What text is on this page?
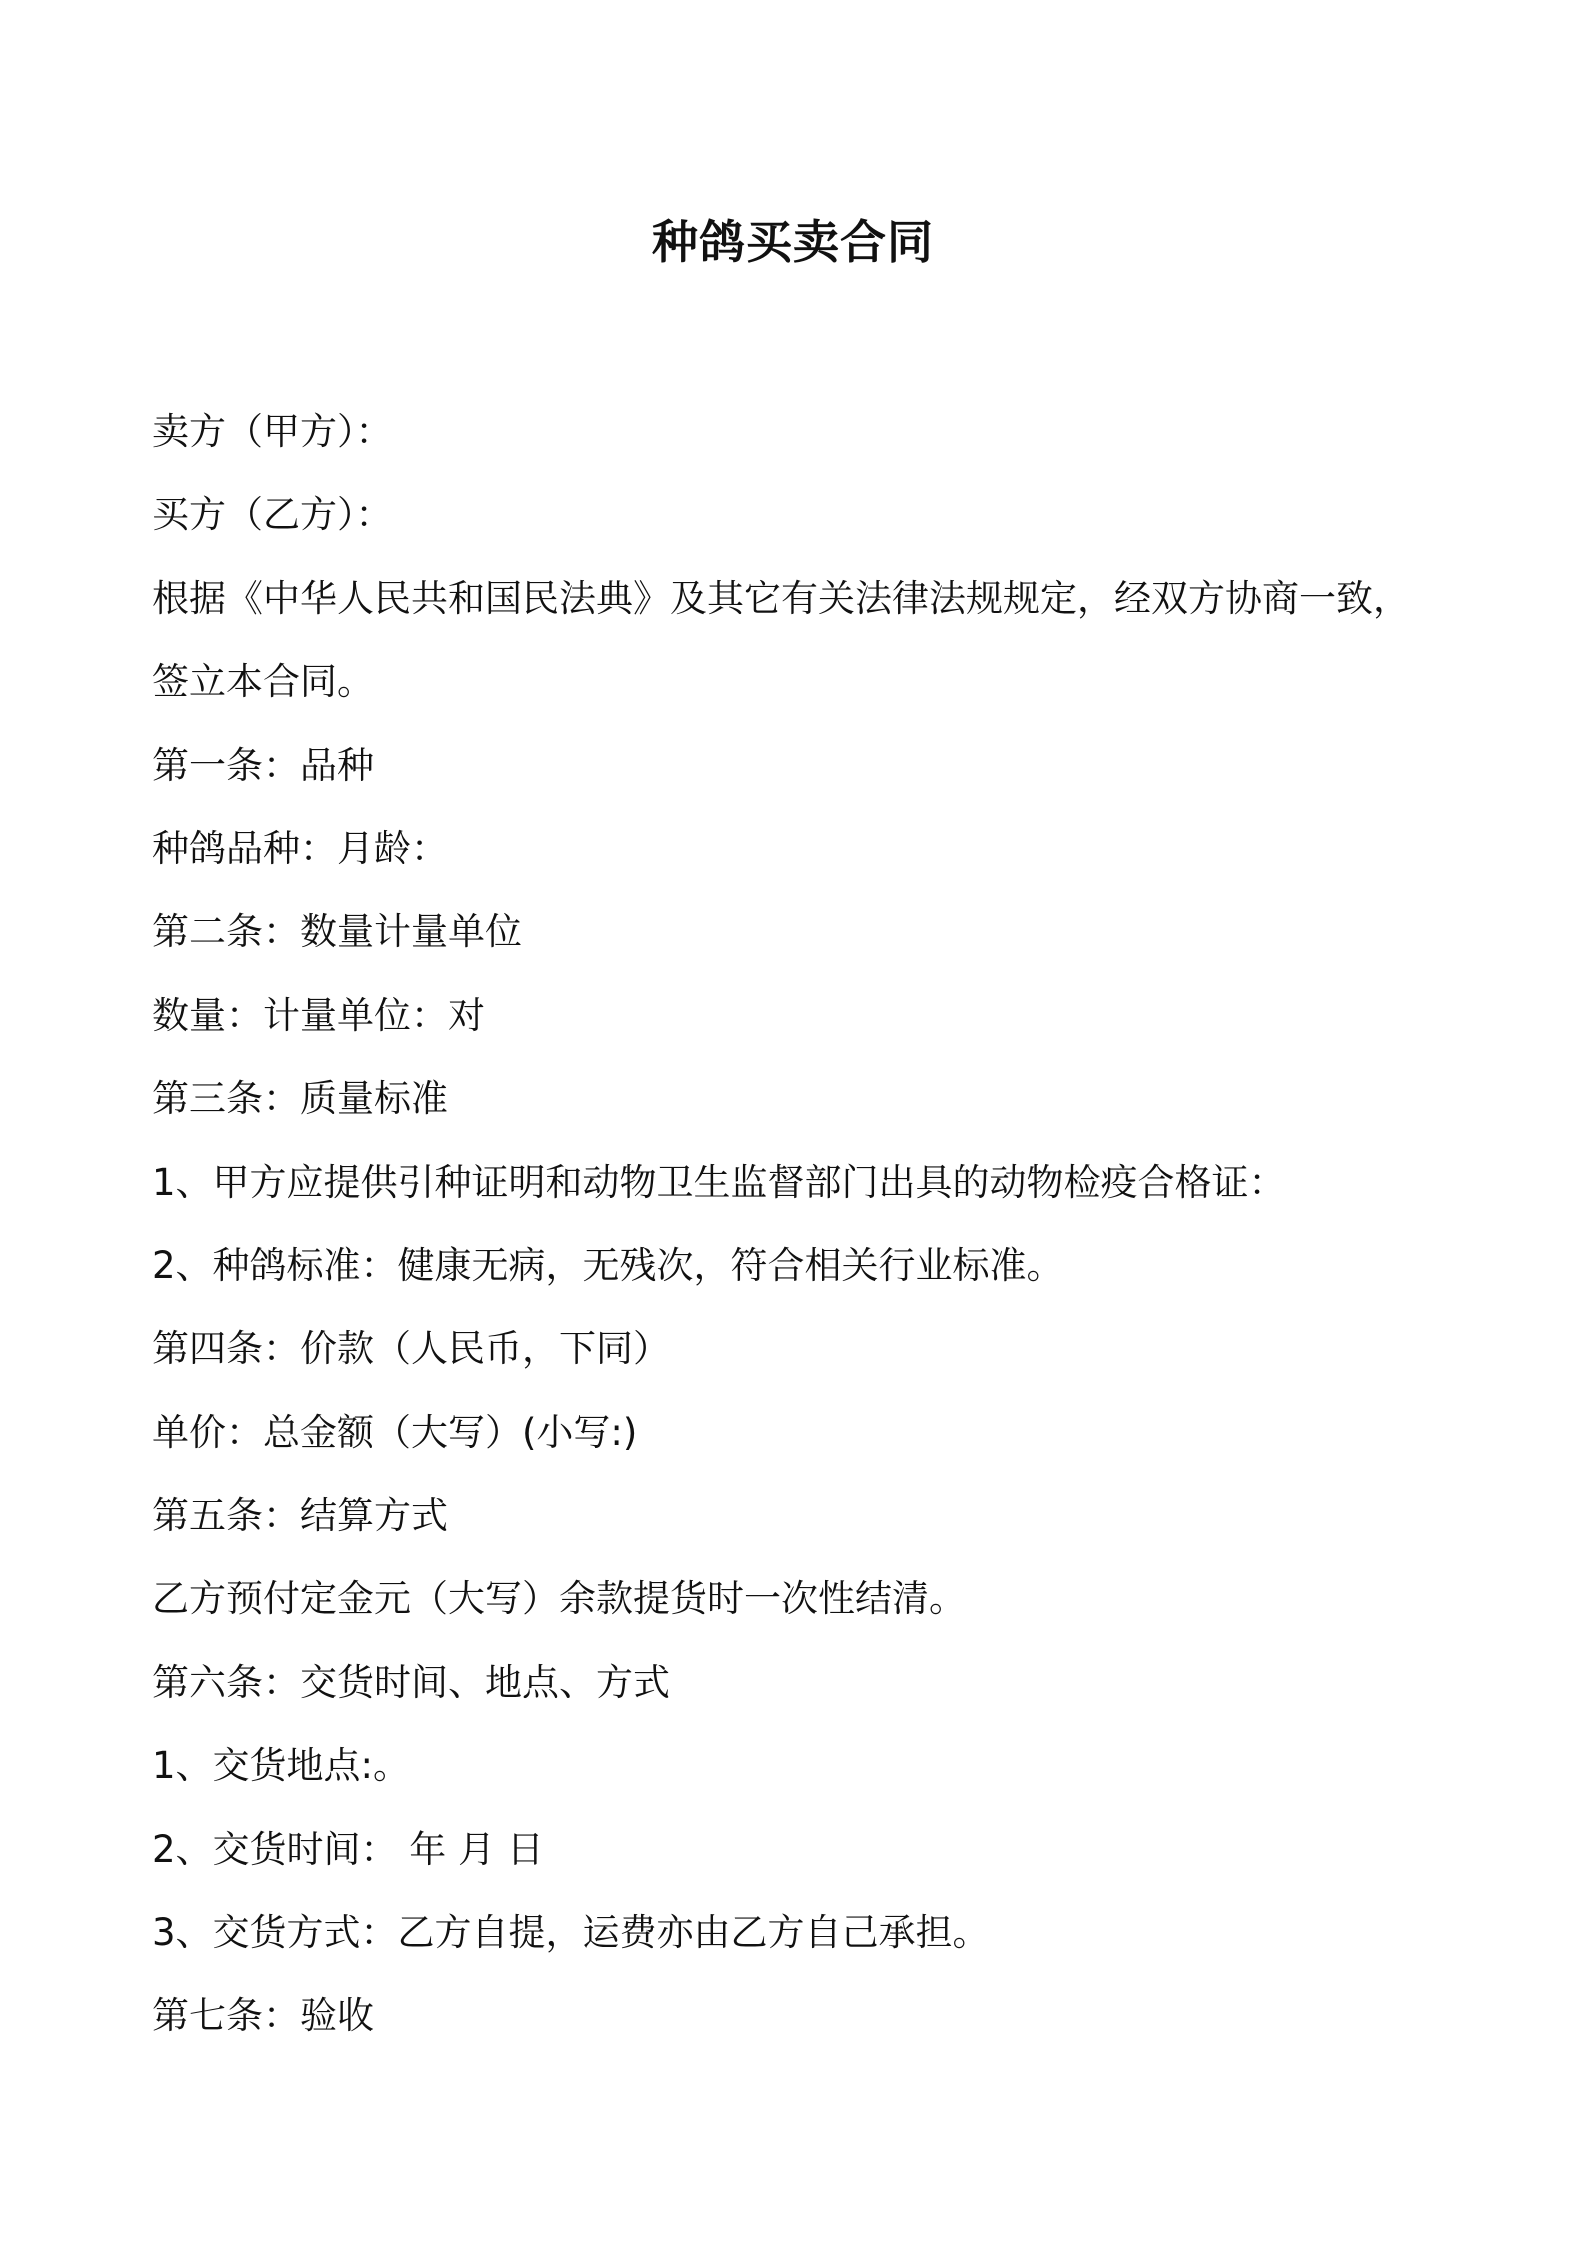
种鸽买卖合同
卖方（甲方）：
买方（乙方）：
根据《中华人民共和国民法典》及其它有关法律法规规定，经双方协商一致，
签立本合同。
第一条：品种
种鸽品种：月龄：
第二条：数量计量单位
数量：计量单位：对
第三条：质量标准
1、甲方应提供引种证明和动物卫生监督部门出具的动物检疫合格证：
2、种鸽标准：健康无病，无残次，符合相关行业标准。
第四条：价款（人民币，下同）
单价：总金额（大写）(小写:)
第五条：结算方式
乙方预付定金元（大写）余款提货时一次性结清。
第六条：交货时间、地点、方式
1、交货地点:。
2、交货时间： 年 月 日
3、交货方式：乙方自提，运费亦由乙方自己承担。
第七条：验收
